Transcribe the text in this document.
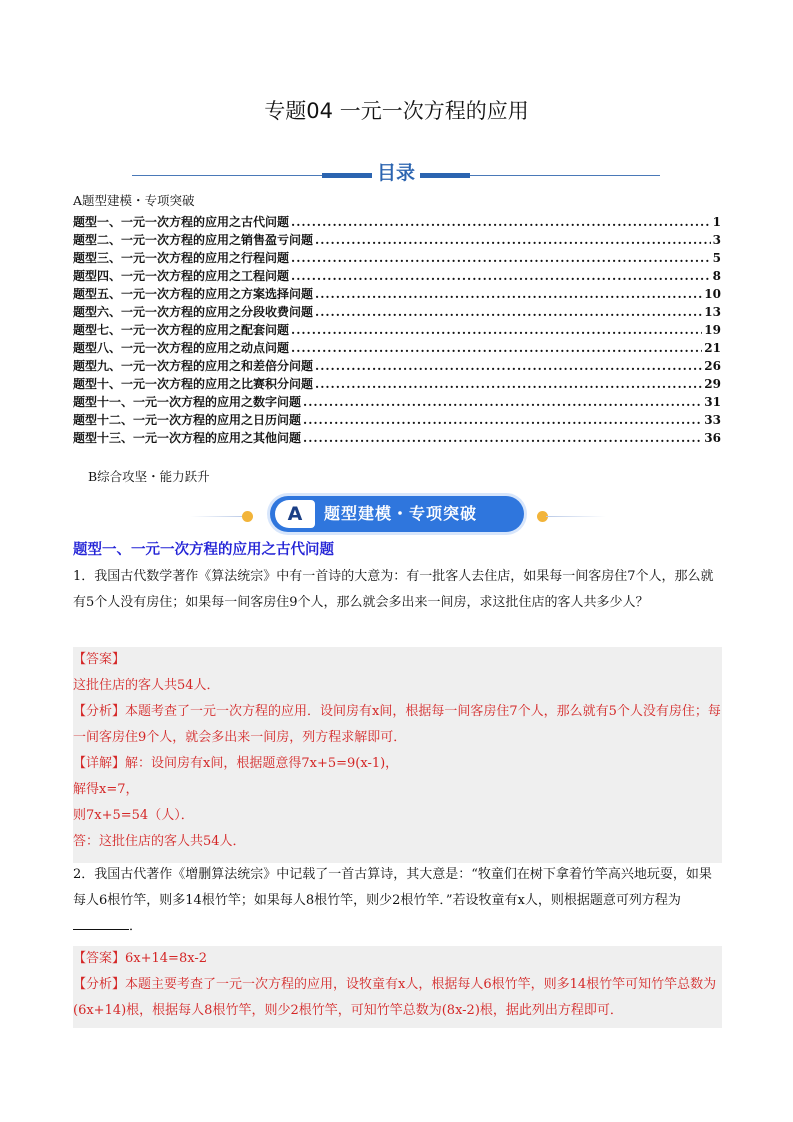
专题04 一元一次方程的应用
目录
A题型建模・专项突破
题型一、一元一次方程的应用之古代问题 .....	1
题型二、一元一次方程的应用之销售盈亏问题 .....	3
题型三、一元一次方程的应用之行程问题 .....	5
题型四、一元一次方程的应用之工程问题 .....	8
题型五、一元一次方程的应用之方案选择问题 .....	10
题型六、一元一次方程的应用之分段收费问题 .....	13
题型七、一元一次方程的应用之配套问题 .....	19
题型八、一元一次方程的应用之动点问题 .....	21
题型九、一元一次方程的应用之和差倍分问题 .....	26
题型十、一元一次方程的应用之比赛积分问题 .....	29
题型十一、一元一次方程的应用之数字问题 .....	31
题型十二、一元一次方程的应用之日历问题 .....	33
题型十三、一元一次方程的应用之其他问题 .....	36
B综合攻坚・能力跃升
A	题型建模・专项突破
题型一、一元一次方程的应用之古代问题
1．我国古代数学著作《算法统宗》中有一首诗的大意为：有一批客人去住店，如果每一间客房住7个人，那么就有5个人没有房住；如果每一间客房住9个人，那么就会多出来一间房，求这批住店的客人共多少人？
【答案】
这批住店的客人共54人．
【分析】本题考查了一元一次方程的应用．设间房有x间，根据每一间客房住7个人，那么就有5个人没有房住；每一间客房住9个人，就会多出来一间房，列方程求解即可．
【详解】解：设间房有x间，根据题意得7x+5=9(x-1)，
解得x=7，
则7x+5=54（人）．
答：这批住店的客人共54人．
2．我国古代著作《增删算法统宗》中记载了一首古算诗，其大意是：“牧童们在树下拿着竹竿高兴地玩耍，如果每人6根竹竿，则多14根竹竿；如果每人8根竹竿，则少2根竹竿．”若设牧童有x人，则根据题意可列方程为．
【答案】6x+14=8x-2
【分析】本题主要考查了一元一次方程的应用，设牧童有x人，根据每人6根竹竿，则多14根竹竿可知竹竿总数为(6x+14)根，根据每人8根竹竿，则少2根竹竿，可知竹竿总数为(8x-2)根，据此列出方程即可．
